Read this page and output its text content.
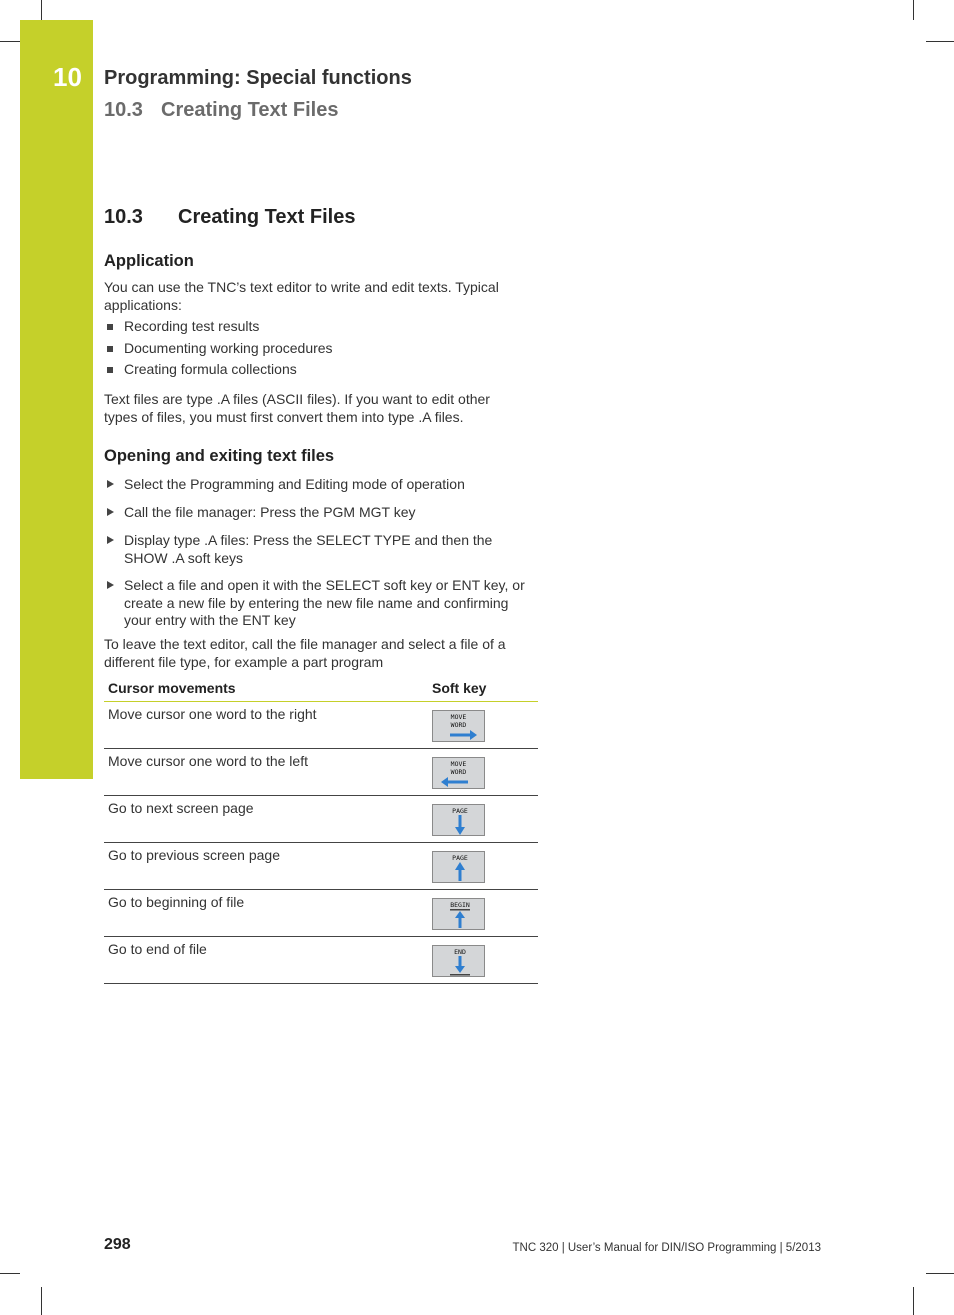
10 Programming: Special functions
10.3 Creating Text Files
10.3 Creating Text Files
Application
You can use the TNC’s text editor to write and edit texts. Typical
applications:
Recording test results
Documenting working procedures
Creating formula collections
Text files are type .A files (ASCII files). If you want to edit other
types of files, you must first convert them into type .A files.
Opening and exiting text files
Select the Programming and Editing mode of operation
Call the file manager: Press the PGM MGT key
Display type .A files: Press the SELECT TYPE and then the
SHOW .A soft keys
Select a file and open it with the SELECT soft key or ENT key, or
create a new file by entering the new file name and confirming
your entry with the ENT key
To leave the text editor, call the file manager and select a file of a
different file type, for example a part program
Cursor movements	Soft key
Move cursor one word to the right	MOVE
WORD
Move cursor one word to the left	MOVE
WORD
Go to next screen page	PAGE
Go to previous screen page	PAGE
Go to beginning of file	BEGIN
Go to end of file	END
298	TNC 320 | User’s Manual for DIN/ISO Programming | 5/2013
